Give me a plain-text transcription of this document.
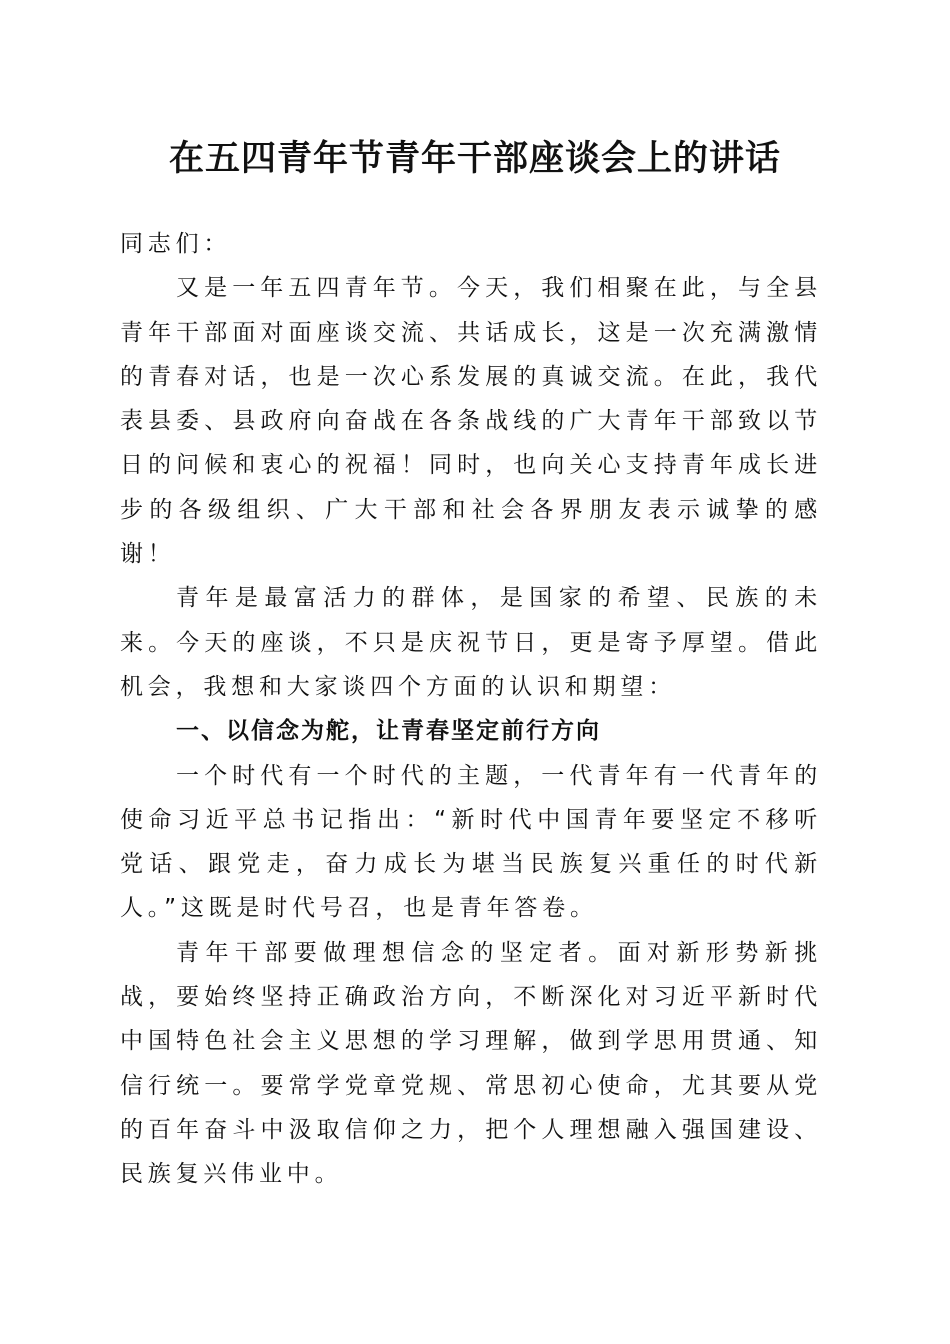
在五四青年节青年干部座谈会上的讲话

同志们：

又是一年五四青年节。今天，我们相聚在此，与全县青年干部面对面座谈交流、共话成长，这是一次充满激情的青春对话，也是一次心系发展的真诚交流。在此，我代表县委、县政府向奋战在各条战线的广大青年干部致以节日的问候和衷心的祝福！同时，也向关心支持青年成长进步的各级组织、广大干部和社会各界朋友表示诚挚的感谢！

青年是最富活力的群体，是国家的希望、民族的未来。今天的座谈，不只是庆祝节日，更是寄予厚望。借此机会，我想和大家谈四个方面的认识和期望：

一、以信念为舵，让青春坚定前行方向

一个时代有一个时代的主题，一代青年有一代青年的使命习近平总书记指出：“新时代中国青年要坚定不移听党话、跟党走，奋力成长为堪当民族复兴重任的时代新人。”这既是时代号召，也是青年答卷。

青年干部要做理想信念的坚定者。面对新形势新挑战，要始终坚持正确政治方向，不断深化对习近平新时代中国特色社会主义思想的学习理解，做到学思用贯通、知信行统一。要常学党章党规、常思初心使命，尤其要从党的百年奋斗中汲取信仰之力，把个人理想融入强国建设、民族复兴伟业中。
